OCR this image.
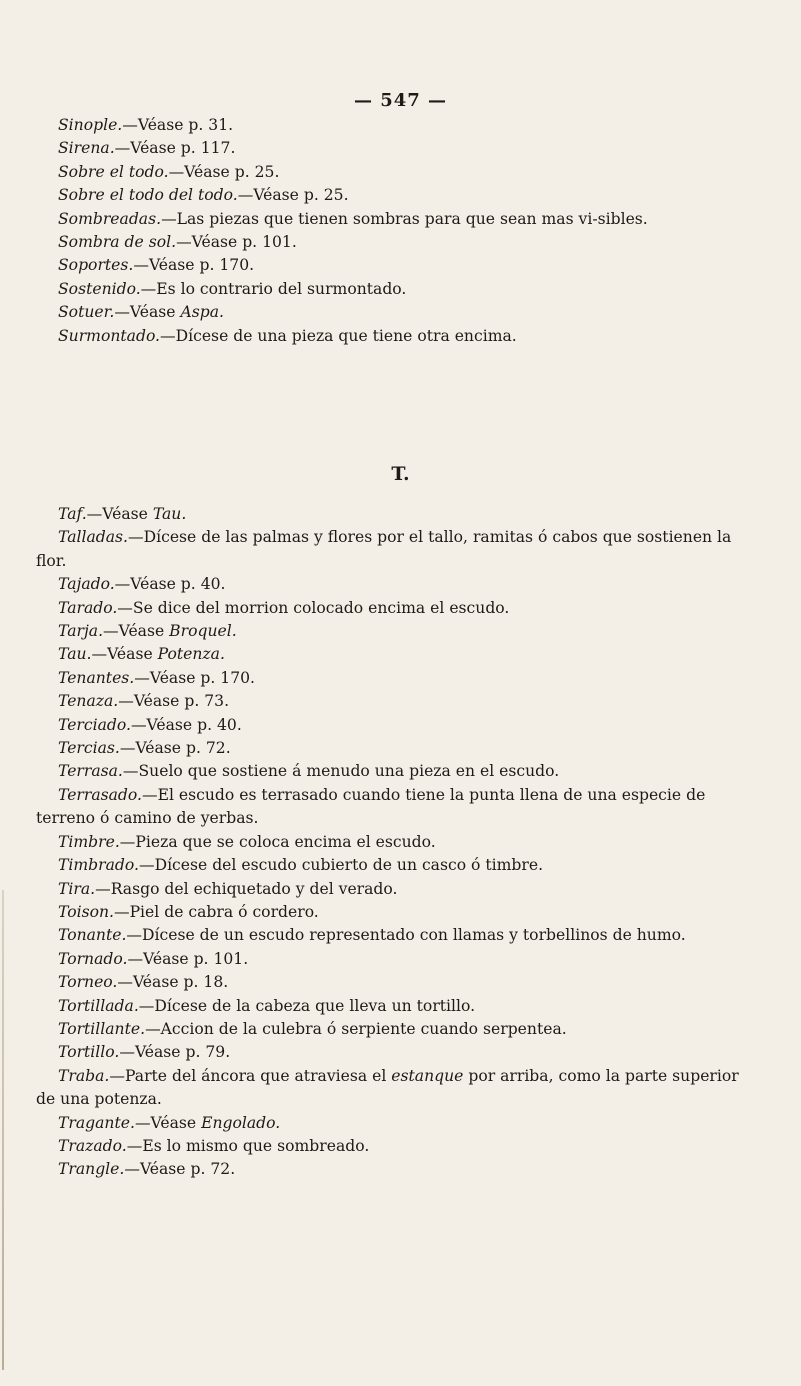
— 547 —

Sinople.—Véase p. 31.

Sirena.—Véase p. 117.

Sobre el todo.—Véase p. 25.

Sobre el todo del todo.—Véase p. 25.

Sombreadas.—Las piezas que tienen sombras para que sean mas vi-sibles.

Sombra de sol.—Véase p. 101.

Soportes.—Véase p. 170.

Sostenido.—Es lo contrario del surmontado.

Sotuer.—Véase Aspa.

Surmontado.—Dícese de una pieza que tiene otra encima.

T.

Taf.—Véase Tau.

Talladas.—Dícese de las palmas y flores por el tallo, ramitas ó cabos que sostienen la flor.

Tajado.—Véase p. 40.

Tarado.—Se dice del morrion colocado encima el escudo.

Tarja.—Véase Broquel.

Tau.—Véase Potenza.

Tenantes.—Véase p. 170.

Tenaza.—Véase p. 73.

Terciado.—Véase p. 40.

Tercias.—Véase p. 72.

Terrasa.—Suelo que sostiene á menudo una pieza en el escudo.

Terrasado.—El escudo es terrasado cuando tiene la punta llena de una especie de terreno ó camino de yerbas.

Timbre.—Pieza que se coloca encima el escudo.

Timbrado.—Dícese del escudo cubierto de un casco ó timbre.

Tira.—Rasgo del echiquetado y del verado.

Toison.—Piel de cabra ó cordero.

Tonante.—Dícese de un escudo representado con llamas y torbellinos de humo.

Tornado.—Véase p. 101.

Torneo.—Véase p. 18.

Tortillada.—Dícese de la cabeza que lleva un tortillo.

Tortillante.—Accion de la culebra ó serpiente cuando serpentea.

Tortillo.—Véase p. 79.

Traba.—Parte del áncora que atraviesa el estanque por arriba, como la parte superior de una potenza.

Tragante.—Véase Engolado.

Trazado.—Es lo mismo que sombreado.

Trangle.—Véase p. 72.
